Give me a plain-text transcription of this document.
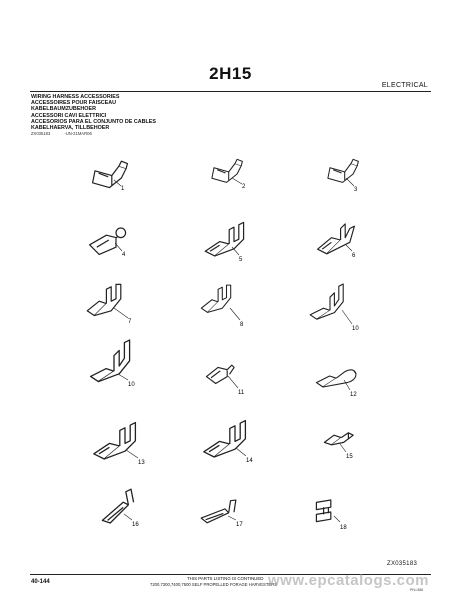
2H15
ELECTRICAL
WIRING HARNESS ACCESSORIES
ACCESSOIRES POUR FAISCEAU
KABELBAUMZUBEHOER
ACCESSORI CAVI ELETTRICI
ACCESORIOS PARA EL CONJUNTO DE CABLES
KABELHAERVA, TILLBEHOER
ZX035183	-UN-21MAR06
1	2	3
4
5
6
7	8
10
10
11	12
13	14
15
16	17	18
ZX035183
THIS PARTS LISTING IS CONTINUED
40-144	7200,7300,7400,7500 SELF PROPELLED FORAGE HARVESTERS
PN=386
www.epcatalogs.com
